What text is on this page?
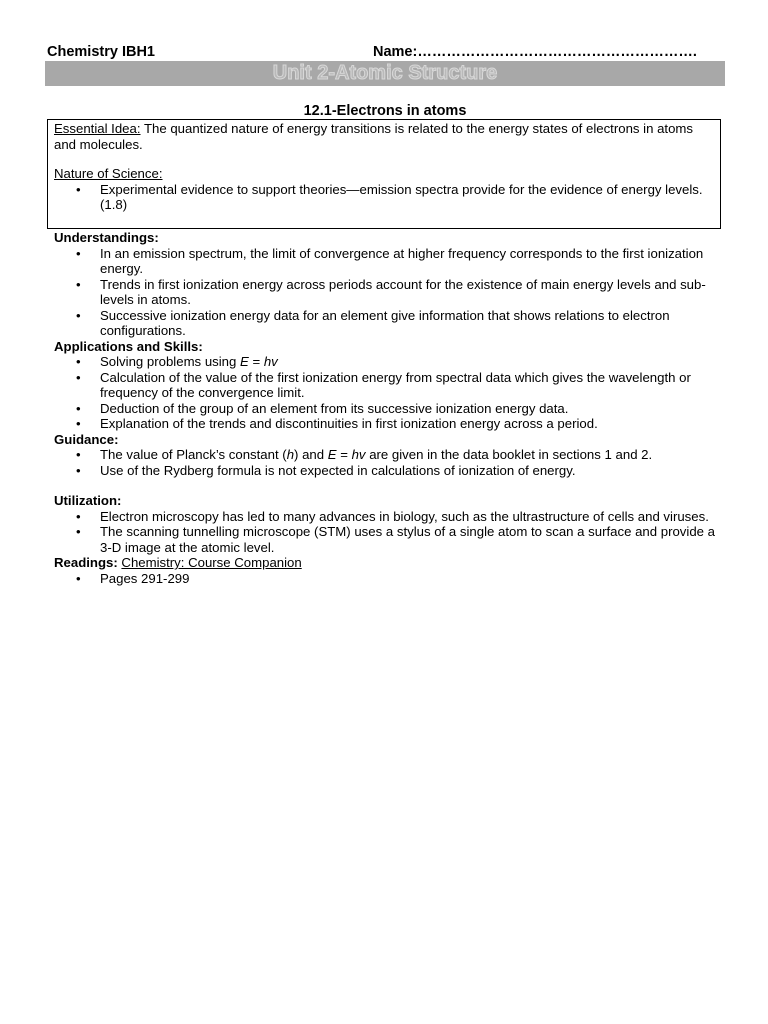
Chemistry IBH1	Name:………………………………………………….
Unit 2-Atomic Structure
12.1-Electrons in atoms

Essential Idea: The quantized nature of energy transitions is related to the energy states of electrons in atoms and molecules.

Nature of Science:

• Experimental evidence to support theories—emission spectra provide for the evidence of energy levels. (1.8)
Understandings:
• In an emission spectrum, the limit of convergence at higher frequency corresponds to the first ionization energy.
• Trends in first ionization energy across periods account for the existence of main energy levels and sub-levels in atoms.
• Successive ionization energy data for an element give information that shows relations to electron configurations.
Applications and Skills:
• Solving problems using E = hv
• Calculation of the value of the first ionization energy from spectral data which gives the wavelength or frequency of the convergence limit.
• Deduction of the group of an element from its successive ionization energy data.
• Explanation of the trends and discontinuities in first ionization energy across a period.
Guidance:
• The value of Planck’s constant (h) and E = hv are given in the data booklet in sections 1 and 2.
• Use of the Rydberg formula is not expected in calculations of ionization of energy.
Utilization:
• Electron microscopy has led to many advances in biology, such as the ultrastructure of cells and viruses.
• The scanning tunnelling microscope (STM) uses a stylus of a single atom to scan a surface and provide a 3-D image at the atomic level.
Readings: Chemistry: Course Companion
• Pages 291-299
